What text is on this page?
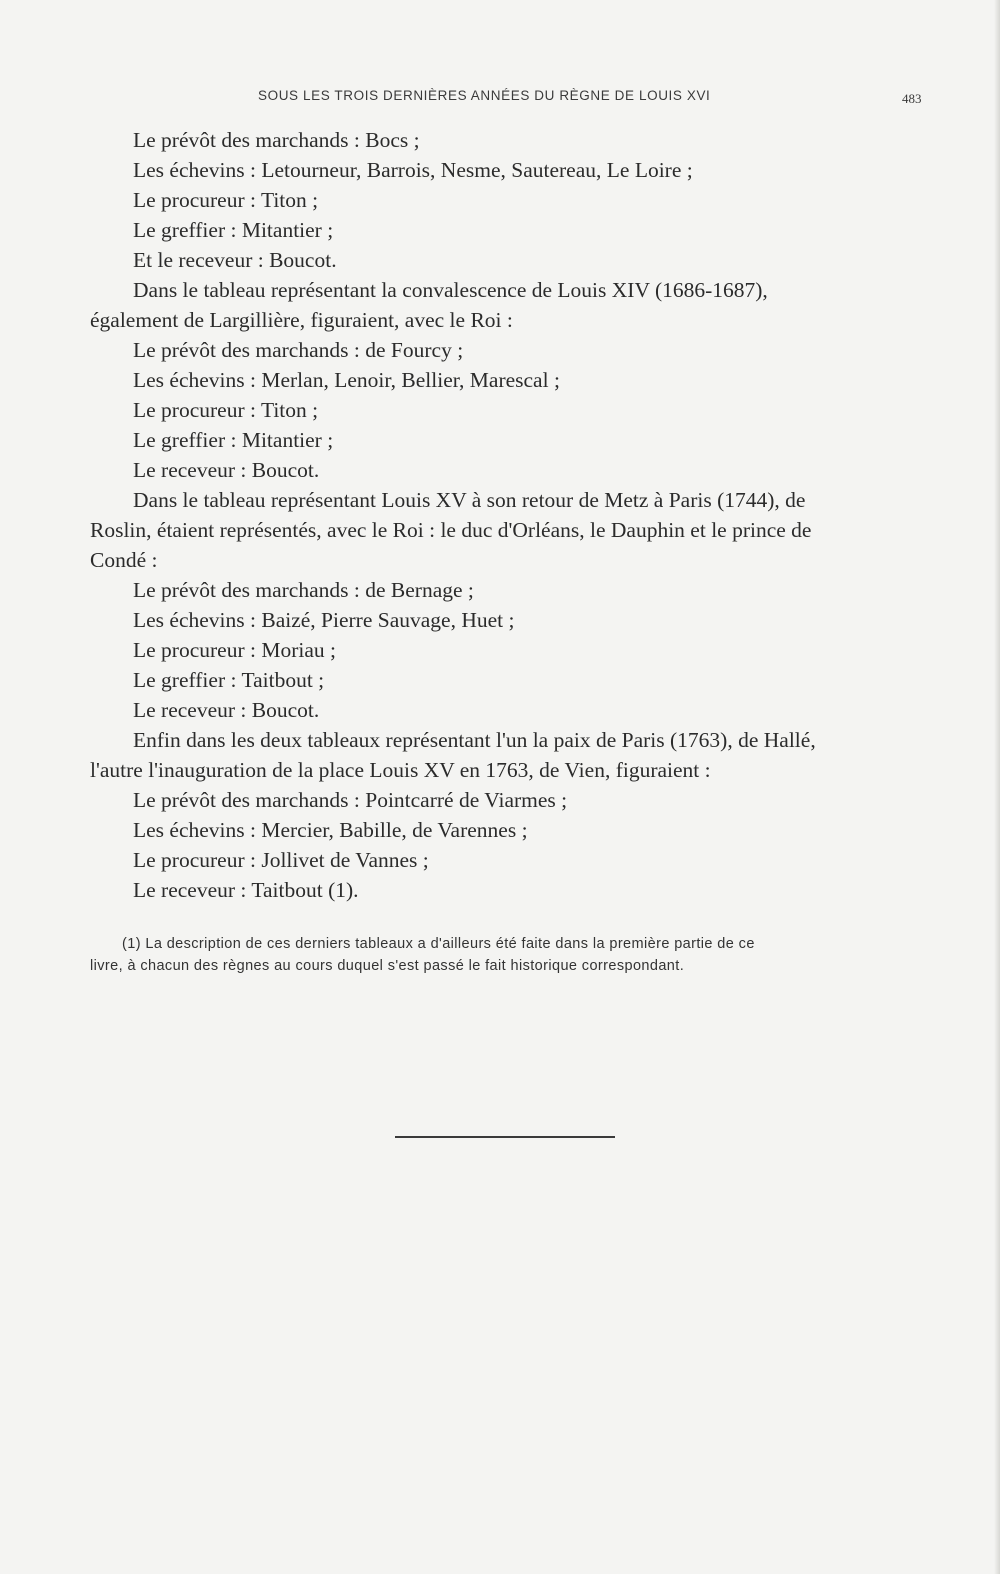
SOUS LES TROIS DERNIÈRES ANNÉES DU RÈGNE DE LOUIS XVI	483
Le prévôt des marchands : Bocs ;
Les échevins : Letourneur, Barrois, Nesme, Sautereau, Le Loire ;
Le procureur : Titon ;
Le greffier : Mitantier ;
Et le receveur : Boucot.
Dans le tableau représentant la convalescence de Louis XIV (1686-1687),
également de Largillière, figuraient, avec le Roi :
Le prévôt des marchands : de Fourcy ;
Les échevins : Merlan, Lenoir, Bellier, Marescal ;
Le procureur : Titon ;
Le greffier : Mitantier ;
Le receveur : Boucot.
Dans le tableau représentant Louis XV à son retour de Metz à Paris (1744), de
Roslin, étaient représentés, avec le Roi : le duc d'Orléans, le Dauphin et le prince de
Condé :
Le prévôt des marchands : de Bernage ;
Les échevins : Baizé, Pierre Sauvage, Huet ;
Le procureur : Moriau ;
Le greffier : Taitbout ;
Le receveur : Boucot.
Enfin dans les deux tableaux représentant l'un la paix de Paris (1763), de Hallé,
l'autre l'inauguration de la place Louis XV en 1763, de Vien, figuraient :
Le prévôt des marchands : Pointcarré de Viarmes ;
Les échevins : Mercier, Babille, de Varennes ;
Le procureur : Jollivet de Vannes ;
Le receveur : Taitbout (1).
(1) La description de ces derniers tableaux a d'ailleurs été faite dans la première partie de ce
livre, à chacun des règnes au cours duquel s'est passé le fait historique correspondant.
